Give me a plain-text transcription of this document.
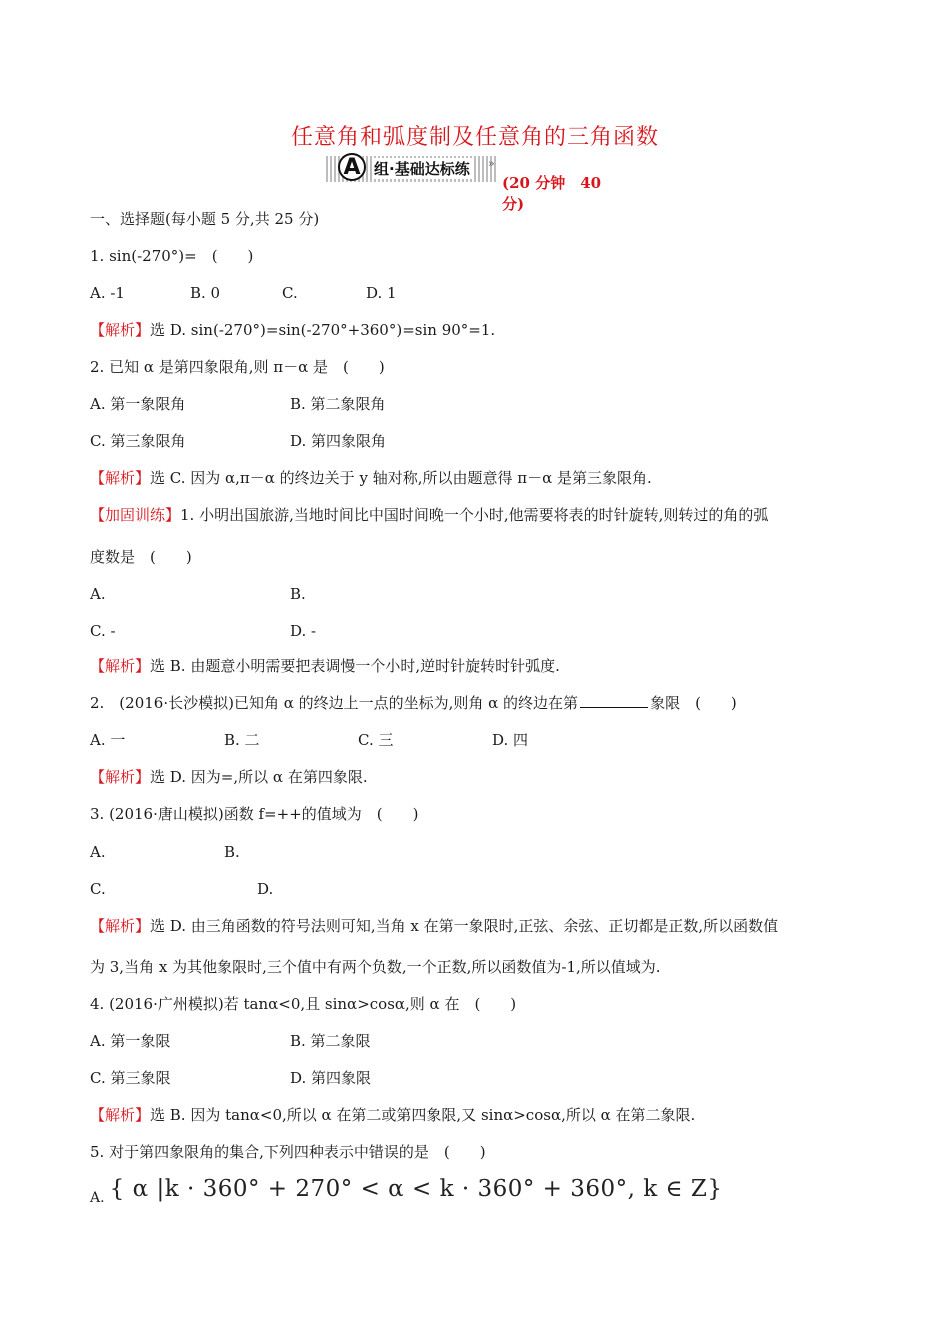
任意角和弧度制及任意角的三角函数
A 组·基础达标练 »
(20 分钟　40 分)
一、选择题(每小题 5 分,共 25 分)
1. sin(-270°)=　(　　)
A. -1	B. 0	C.	D. 1
【解析】选 D. sin(-270°)=sin(-270°+360°)=sin 90°=1.
2. 已知 α 是第四象限角,则 π－α 是　(　　)
A. 第一象限角	B. 第二象限角
C. 第三象限角	D. 第四象限角
【解析】选 C. 因为 α,π－α 的终边关于 y 轴对称,所以由题意得 π－α 是第三象限角.
【加固训练】1. 小明出国旅游,当地时间比中国时间晚一个小时,他需要将表的时针旋转,则转过的角的弧
度数是　(　　)
A.	B.
C. -	D. -
【解析】选 B. 由题意小明需要把表调慢一个小时,逆时针旋转时针弧度.
2.　(2016·长沙模拟)已知角 α 的终边上一点的坐标为,则角 α 的终边在第	象限　(　　)
A. 一	B. 二	C. 三	D. 四
【解析】选 D. 因为=,所以 α 在第四象限.
3. (2016·唐山模拟)函数 f=++的值域为　(　　)
A.	B.
C.	D.
【解析】选 D. 由三角函数的符号法则可知,当角 x 在第一象限时,正弦、余弦、正切都是正数,所以函数值
为 3,当角 x 为其他象限时,三个值中有两个负数,一个正数,所以函数值为-1,所以值域为.
4. (2016·广州模拟)若 tanα<0,且 sinα>cosα,则 α 在　(　　)
A. 第一象限	B. 第二象限
C. 第三象限	D. 第四象限
【解析】选 B. 因为 tanα<0,所以 α 在第二或第四象限,又 sinα>cosα,所以 α 在第二象限.
5. 对于第四象限角的集合,下列四种表示中错误的是　(　　)
A. { α |k · 360° + 270° < α < k · 360° + 360°, k ∈ Z}
